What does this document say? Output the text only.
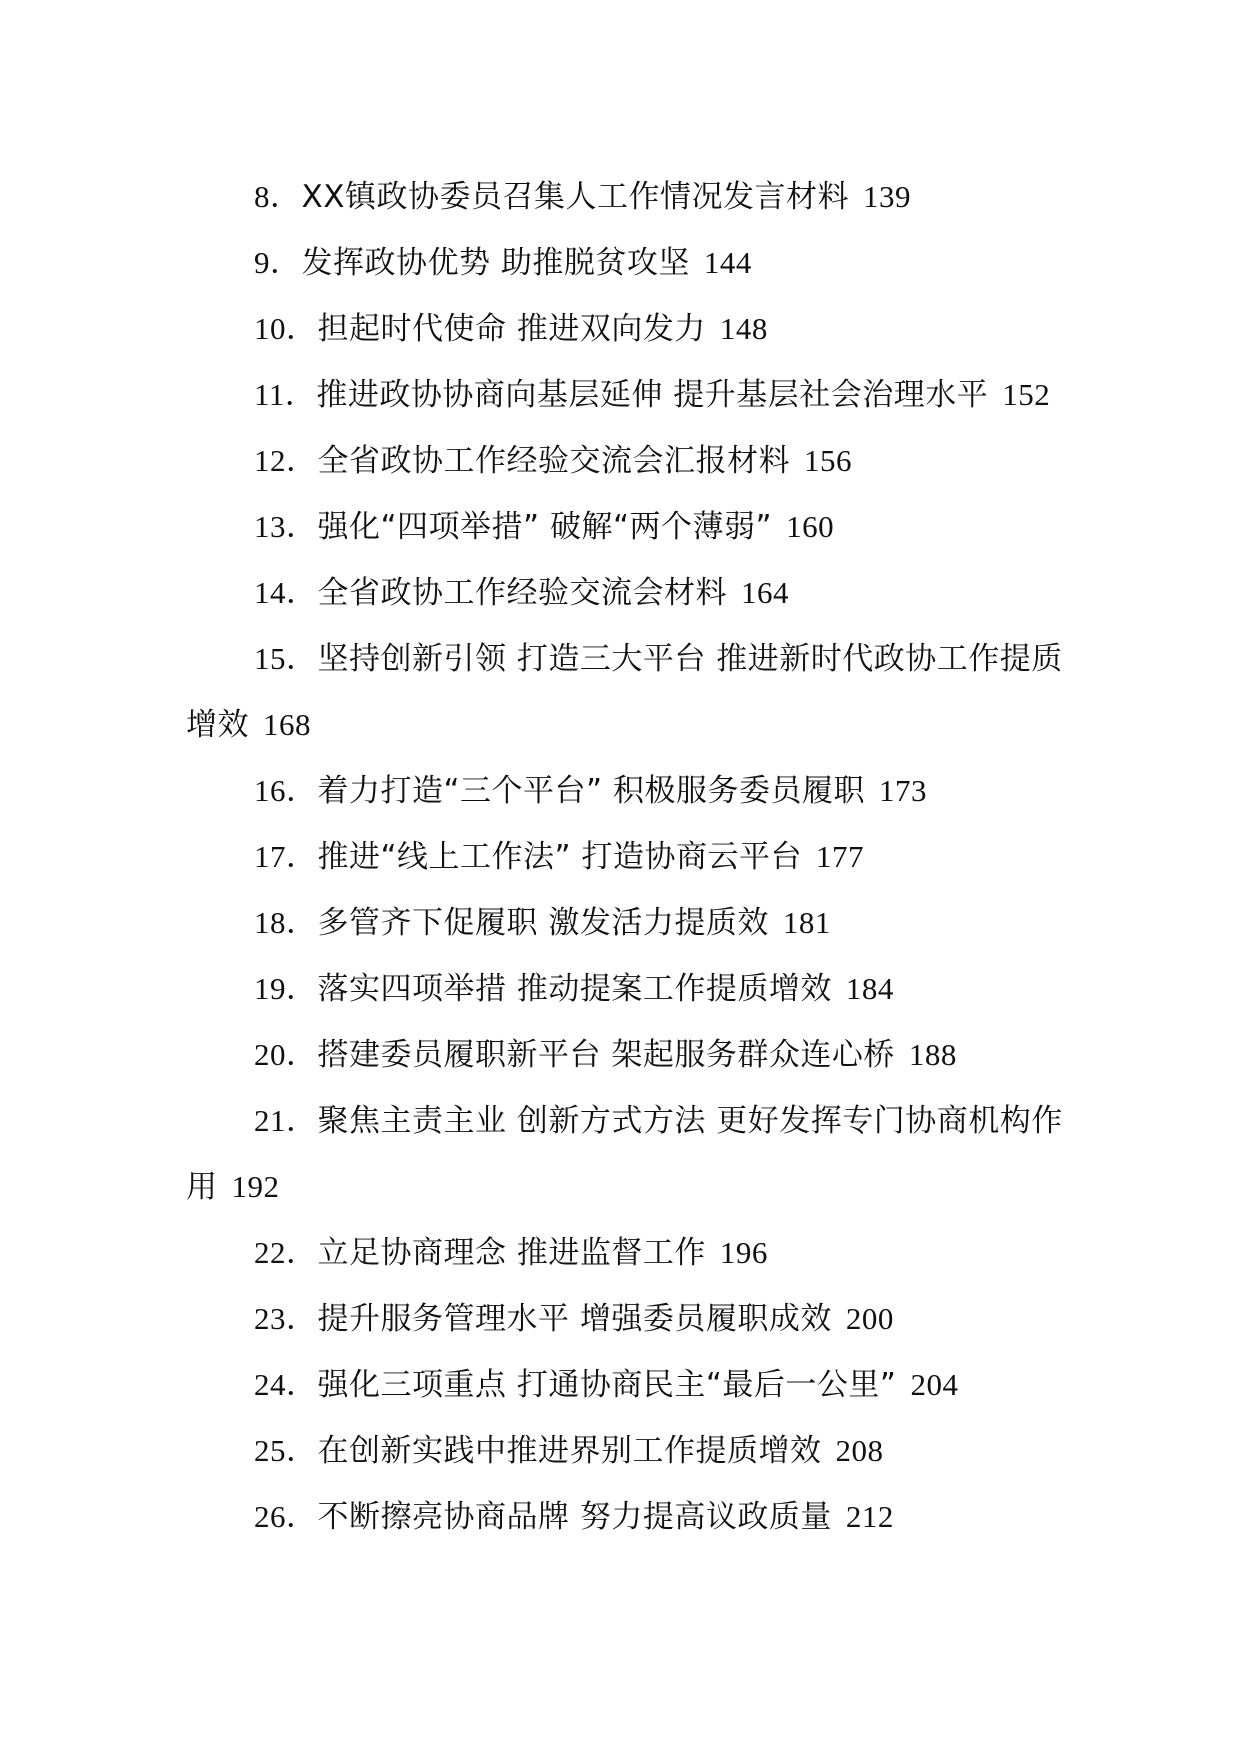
8．XX镇政协委员召集人工作情况发言材料 139

9．发挥政协优势 助推脱贫攻坚 144

10．担起时代使命 推进双向发力 148

11．推进政协协商向基层延伸 提升基层社会治理水平 152

12．全省政协工作经验交流会汇报材料 156

13．强化“四项举措” 破解“两个薄弱” 160

14．全省政协工作经验交流会材料 164

15．坚持创新引领 打造三大平台 推进新时代政协工作提质增效 168

16．着力打造“三个平台” 积极服务委员履职 173

17．推进“线上工作法” 打造协商云平台 177

18．多管齐下促履职 激发活力提质效 181

19．落实四项举措 推动提案工作提质增效 184

20．搭建委员履职新平台 架起服务群众连心桥 188

21．聚焦主责主业 创新方式方法 更好发挥专门协商机构作用 192

22．立足协商理念 推进监督工作 196

23．提升服务管理水平 增强委员履职成效 200

24．强化三项重点 打通协商民主“最后一公里” 204

25．在创新实践中推进界别工作提质增效 208

26．不断擦亮协商品牌 努力提高议政质量 212
